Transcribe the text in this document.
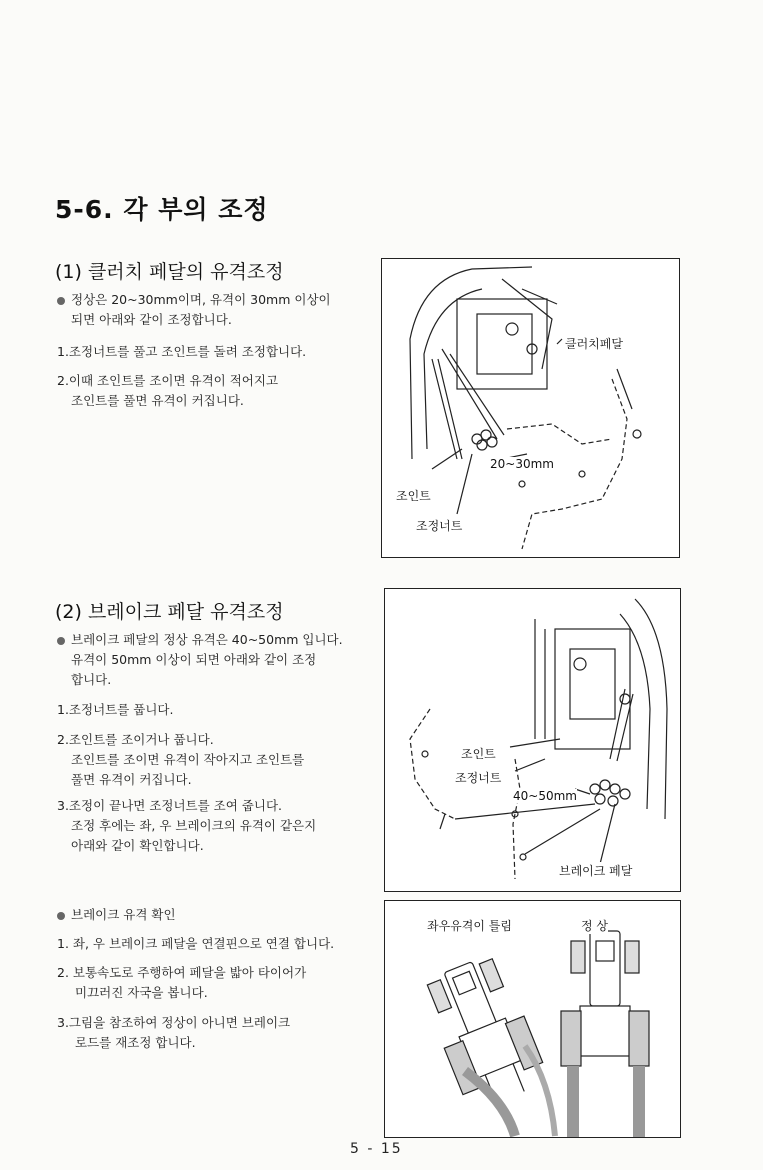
5-6. 각 부의 조정
(1) 클러치 페달의 유격조정
정상은 20~30mm이며, 유격이 30mm 이상이
되면 아래와 같이 조정합니다.
1.조정너트를 풀고 조인트를 돌려 조정합니다.
2.이때 조인트를 조이면 유격이 적어지고
조인트를 풀면 유격이 커집니다.
클러치페달
20~30mm
조인트
조정너트
(2) 브레이크 페달 유격조정
브레이크 페달의 정상 유격은 40~50mm 입니다.
유격이 50mm 이상이 되면 아래와 같이 조정
합니다.
1.조정너트를 풉니다.
2.조인트를 조이거나 풉니다.
조인트를 조이면 유격이 작아지고 조인트를
풀면 유격이 커집니다.
3.조정이 끝나면 조정너트를 조여 줍니다.
조정 후에는 좌, 우 브레이크의 유격이 같은지
아래와 같이 확인합니다.
조인트
조정너트
40~50mm
브레이크 페달
브레이크 유격 확인
1. 좌, 우 브레이크 페달을 연결핀으로 연결 합니다.
2. 보통속도로 주행하여 페달을 밟아 타이어가
미끄러진 자국을 봅니다.
3.그림을 참조하여 정상이 아니면 브레이크
로드를 재조정 합니다.
좌우유격이 틀림	정 상
5 - 15
